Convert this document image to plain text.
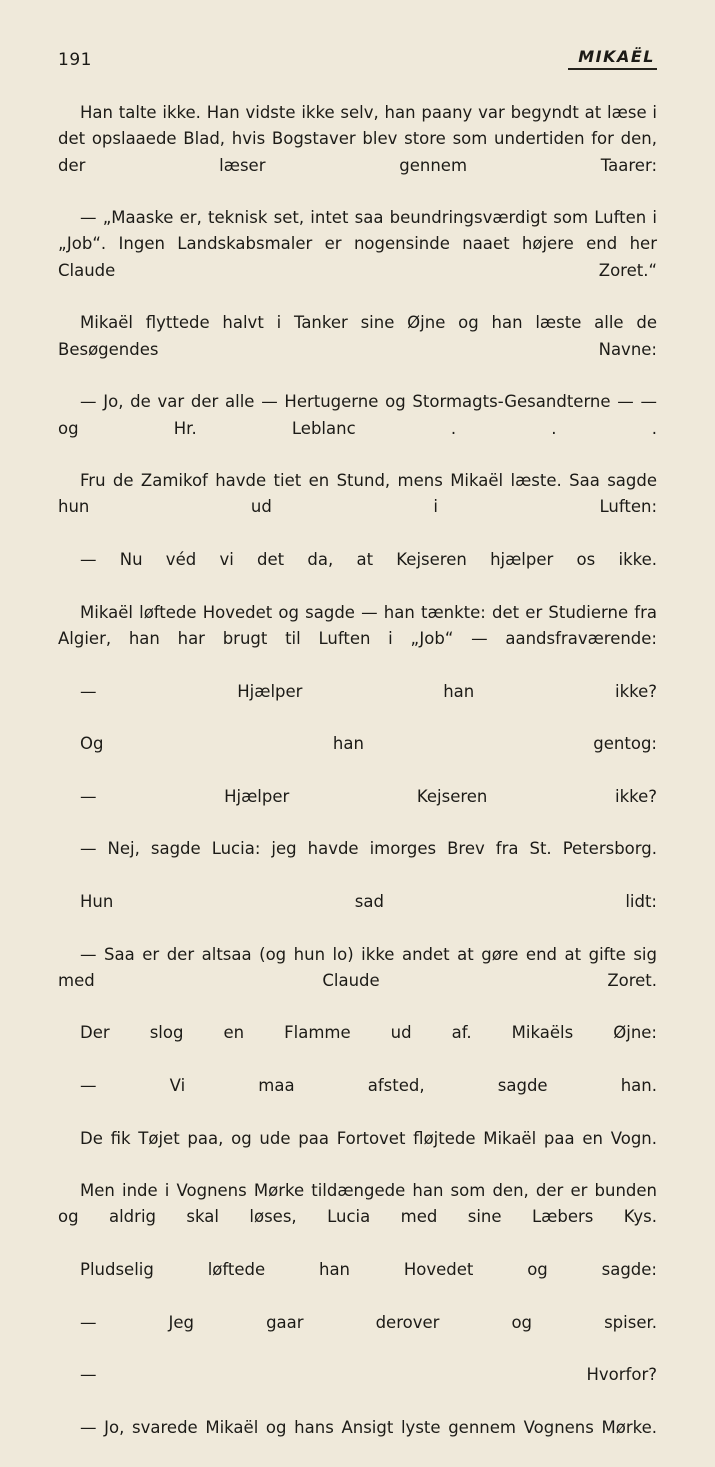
191	MIKAËL

Han talte ikke. Han vidste ikke selv, han paany var begyndt at læse i det opslaaede Blad, hvis Bogstaver blev store som undertiden for den, der læser gennem Taarer:

— „Maaske er, teknisk set, intet saa beundringsværdigt som Luften i „Job“. Ingen Landskabsmaler er nogensinde naaet højere end her Claude Zoret.“

Mikaël flyttede halvt i Tanker sine Øjne og han læste alle de Besøgendes Navne:

— Jo, de var der alle — Hertugerne og Stormagts-Gesandterne — — og Hr. Leblanc . . .

Fru de Zamikof havde tiet en Stund, mens Mikaël læste. Saa sagde hun ud i Luften:

— Nu véd vi det da, at Kejseren hjælper os ikke.

Mikaël løftede Hovedet og sagde — han tænkte: det er Studierne fra Algier, han har brugt til Luften i „Job“ — aandsfraværende:

— Hjælper han ikke?

Og han gentog:

— Hjælper Kejseren ikke?

— Nej, sagde Lucia: jeg havde imorges Brev fra St. Petersborg.

Hun sad lidt:

— Saa er der altsaa (og hun lo) ikke andet at gøre end at gifte sig med Claude Zoret.

Der slog en Flamme ud af. Mikaëls Øjne:

— Vi maa afsted, sagde han.

De fik Tøjet paa, og ude paa Fortovet fløjtede Mikaël paa en Vogn.

Men inde i Vognens Mørke tildængede han som den, der er bunden og aldrig skal løses, Lucia med sine Læbers Kys.

Pludselig løftede han Hovedet og sagde:

— Jeg gaar derover og spiser.

— Hvorfor?

— Jo, svarede Mikaël og hans Ansigt lyste gennem Vognens Mørke.
